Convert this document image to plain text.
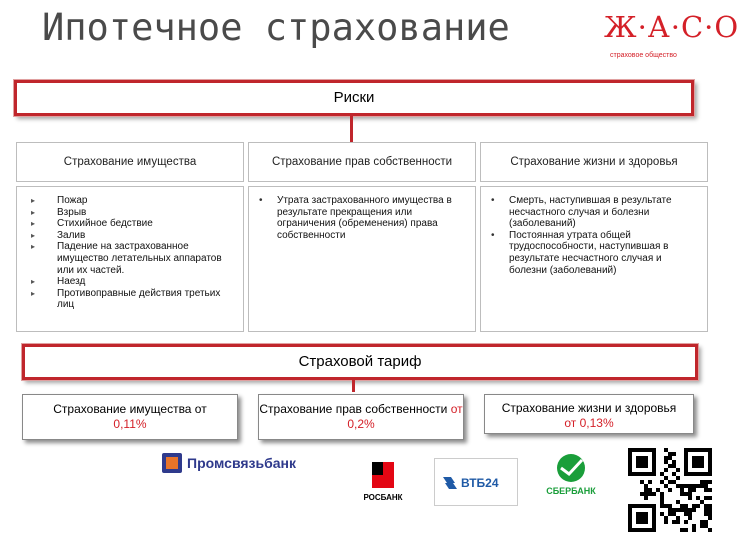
Ипотечное страхование	Ж·А·С·О
страховое общество
Риски
Страхование имущества	Страхование прав собственности	Страхование жизни и здоровья
▸ Пожар
▸ Взрыв
▸ Стихийное бедствие
▸ Залив
▸ Падение на застрахованное имущество летательных аппаратов или их частей.
▸ Наезд
▸ Противоправные действия третьих лиц
• Утрата застрахованного имущества в результате прекращения или ограничения (обременения) права собственности
• Смерть, наступившая в результате несчастного случая и болезни (заболеваний)
• Постоянная утрата общей трудоспособности, наступившая в результате несчастного случая и болезни (заболеваний)
Страховой тариф
Страхование имущества от
0,11%
Страхование прав собственности от 0,2%
Страхование жизни и здоровья
от 0,13%
Промсвязьбанк
РОСБАНК
ВТБ24
СБЕРБАНК
